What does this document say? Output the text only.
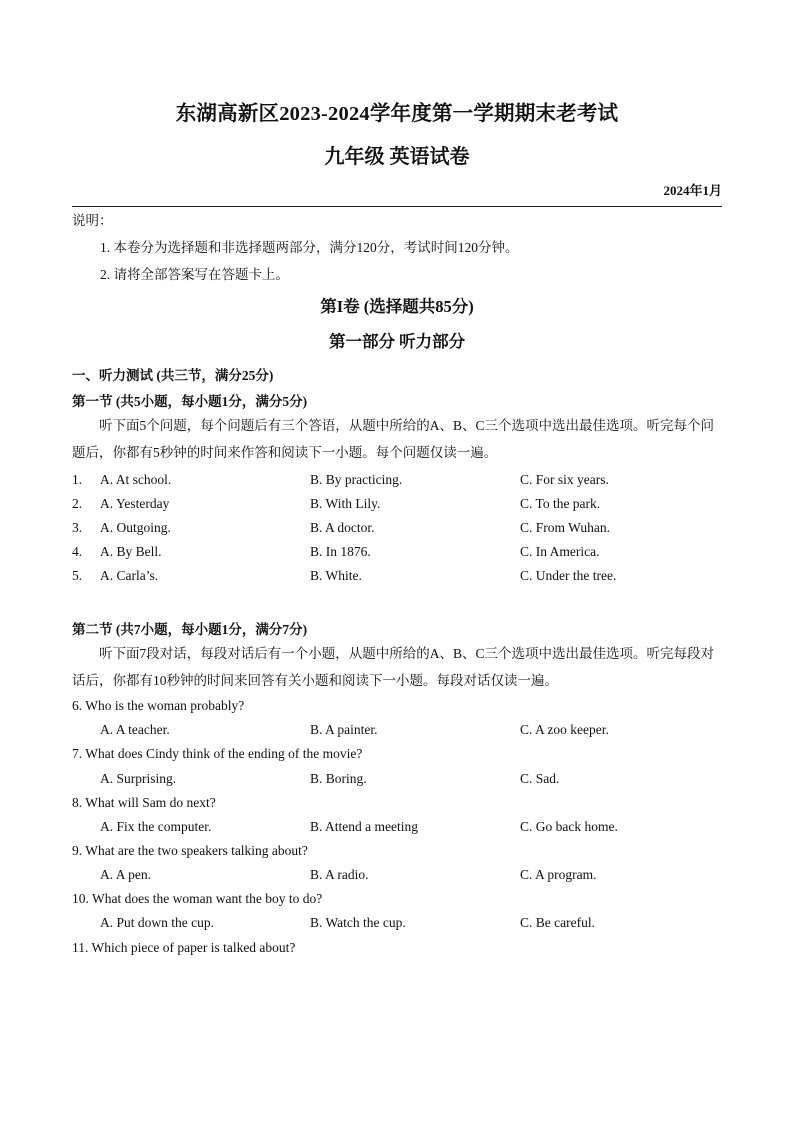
东湖高新区2023-2024学年度第一学期期末老考试
九年级 英语试卷
2024年1月
说明：
1. 本卷分为选择题和非选择题两部分，满分120分，考试时间120分钟。
2. 请将全部答案写在答题卡上。
第I卷 (选择题共85分)
第一部分 听力部分
一、听力测试 (共三节，满分25分)
第一节 (共5小题，每小题1分，满分5分)
听下面5个问题，每个问题后有三个答语，从题中所给的A、B、C三个选项中选出最佳选项。听完每个问题后，你都有5秒钟的时间来作答和阅读下一小题。每个问题仅读一遍。
1. A. At school.	B. By practicing.	C. For six years.
2. A. Yesterday	B. With Lily.	C. To the park.
3. A. Outgoing.	B. A doctor.	C. From Wuhan.
4. A. By Bell.	B. In 1876.	C. In America.
5. A. Carla’s.	B. White.	C. Under the tree.
第二节 (共7小题，每小题1分，满分7分)
听下面7段对话，每段对话后有一个小题，从题中所给的A、B、C三个选项中选出最佳选项。听完每段对话后，你都有10秒钟的时间来回答有关小题和阅读下一小题。每段对话仅读一遍。
6. Who is the woman probably?
A. A teacher.	B. A painter.	C. A zoo keeper.
7. What does Cindy think of the ending of the movie?
A. Surprising.	B. Boring.	C. Sad.
8. What will Sam do next?
A. Fix the computer.	B. Attend a meeting	C. Go back home.
9. What are the two speakers talking about?
A. A pen.	B. A radio.	C. A program.
10. What does the woman want the boy to do?
A. Put down the cup.	B. Watch the cup.	C. Be careful.
11. Which piece of paper is talked about?
